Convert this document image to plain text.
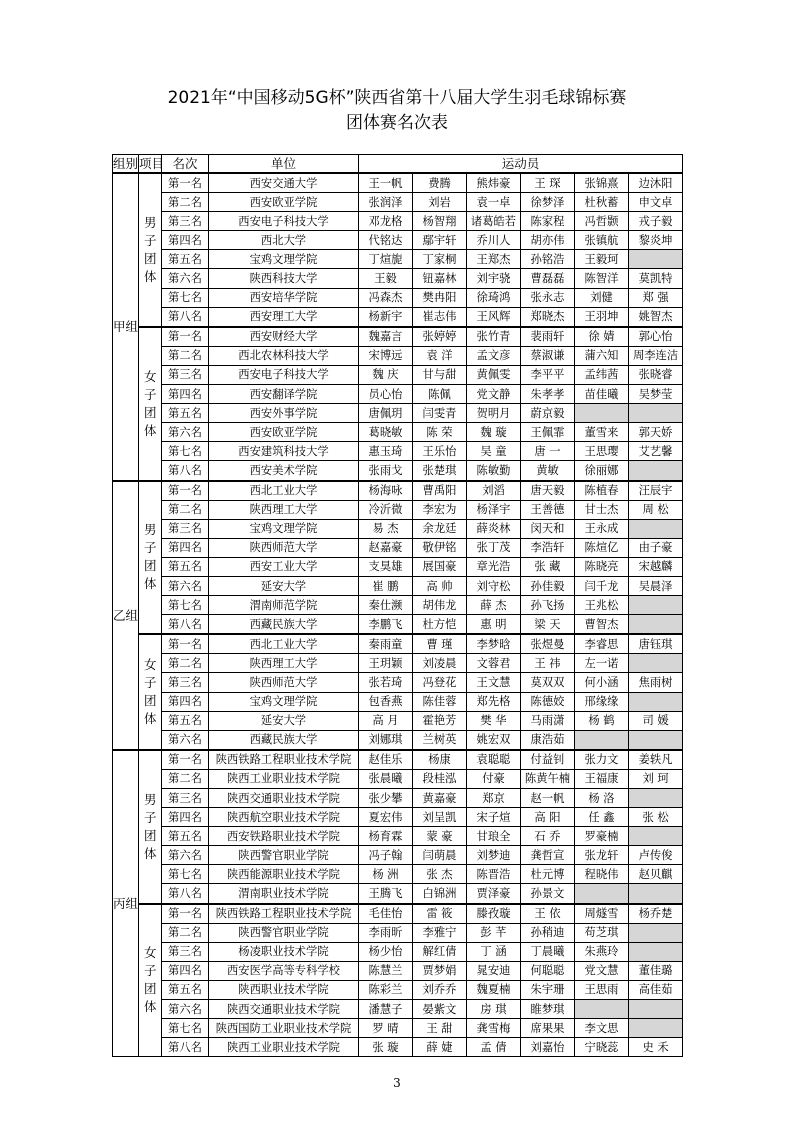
2021年“中国移动5G杯”陕西省第十八届大学生羽毛球锦标赛
团体赛名次表
组别	项目	名次	单位	运动员					
甲组	男子团体	第一名	西安交通大学	王一帆	费腾	熊炜豪	王 琛	张锦熹	边沐阳
		第二名	西安欧亚学院	张润泽	刘岩	袁一卓	徐梦泽	杜秋蓄	申文卓
		第三名	西安电子科技大学	邓龙格	杨智翔	诸葛皓若	陈家程	冯哲颢	戎子毅
		第四名	西北大学	代铭达	鄢宇轩	乔川人	胡亦伟	张镇航	黎炎坤
		第五名	宝鸡文理学院	丁煊旎	丁家桐	王郑杰	孙铭浩	王毅珂	
		第六名	陕西科技大学	王毅	钮嘉林	刘宇骁	曹磊磊	陈智洋	莫凯特
		第七名	西安培华学院	冯森杰	樊冉阳	徐琦鸿	张永志	刘健	郑 强
		第八名	西安理工大学	杨新宇	崔志伟	王风辉	郑晓杰	王羽坤	姚智杰
	女子团体	第一名	西安财经大学	魏嘉言	张婷婷	张竹青	裴雨轩	徐 婧	郭心怡
		第二名	西北农林科技大学	宋博远	袁 洋	孟文彦	蔡淑谦	蒲六知	周李连洁
		第三名	西安电子科技大学	魏 庆	甘与甜	黄佩雯	李平平	孟纬茜	张晓睿
		第四名	西安翻译学院	员心怡	陈佩	党文静	朱孝孝	苗佳曦	吴梦莹
		第五名	西安外事学院	唐佩玥	闫雯青	贺明月	蔚京毅		
		第六名	西安欧亚学院	葛晓敏	陈 荣	魏 璇	王佩霏	董雪来	郭天娇
		第七名	西安建筑科技大学	惠玉琦	王乐怡	吴 童	唐 一	王思璎	艾艺馨
		第八名	西安美术学院	张雨戈	张楚琪	陈敏勤	黄敏	徐丽娜	
乙组	男子团体	第一名	西北工业大学	杨海咏	曹禹阳	刘滔	唐天毅	陈植春	汪辰宇
		第二名	陕西理工大学	冷沂微	李宏为	杨泽宇	王善德	甘士杰	周 松
		第三名	宝鸡文理学院	易 杰	余龙廷	薛炎林	闵天和	王永成	
		第四名	陕西师范大学	赵嘉豪	敬伊铭	张丁茂	李浩轩	陈煊亿	由子豪
		第五名	西安工业大学	支狊雄	展国豪	章光浩	张 藏	陈晓亮	宋越麟
		第六名	延安大学	崔 鹏	高 帅	刘守松	孙佳毅	闫千龙	吴晨泽
		第七名	渭南师范学院	秦仕濒	胡伟龙	薛 杰	孙飞扬	王兆松	
		第八名	西藏民族大学	李鹏飞	杜方恺	惠 明	梁 天	曹智杰	
	女子团体	第一名	西北工业大学	秦雨童	曹 瑾	李梦晗	张煜曼	李睿思	唐钰琪
		第二名	陕西理工大学	王玥颖	刘凌晨	文蓉君	王 祎	左一诺	
		第三名	陕西师范大学	张若琦	冯登花	王文慧	莫双双	何小涵	焦雨树
		第四名	宝鸡文理学院	包香燕	陈佳蓉	郑先格	陈德姣	邢缘缘	
		第五名	延安大学	高 月	霍艳芳	樊 华	马雨潇	杨 鹤	司 媛
		第六名	西藏民族大学	刘娜琪	兰树英	姚宏双	康浩茹		
丙组	男子团体	第一名	陕西铁路工程职业技术学院	赵佳乐	杨康	袁聪聪	付益钊	张力文	姜轶凡
		第二名	陕西工业职业技术学院	张晨曦	段桂泓	付豪	陈黄午楠	王福康	刘 珂
		第三名	陕西交通职业技术学院	张少攀	黄嘉豪	郑京	赵一帆	杨 洛	
		第四名	陕西航空职业技术学院	夏宏伟	刘呈凯	宋子煊	高 阳	任 鑫	张 松
		第五名	西安铁路职业技术学院	杨育霖	蒙 豪	甘琅全	石 乔	罗豪楠	
		第六名	陕西警官职业学院	冯子翰	闫萌晨	刘梦迪	龚哲宣	张龙轩	卢传俊
		第七名	陕西能源职业技术学院	杨 洲	张 杰	陈晋浩	杜元博	程晓伟	赵贝麒
		第八名	渭南职业技术学院	王腾飞	白锦洲	贾泽豪	孙景文		
	女子团体	第一名	陕西铁路工程职业技术学院	毛佳怡	雷 筱	滕孜璇	王 依	周燧雪	杨乔楚
		第二名	陕西警官职业学院	李雨昕	李雅宁	彭 芊	孙稍迪	苟芝琪	
		第三名	杨凌职业技术学院	杨少怡	解红倩	丁 涵	丁晨曦	朱燕玲	
		第四名	西安医学高等专科学校	陈慧兰	贾梦娟	晁安迪	何聪聪	党文慧	董佳璐
		第五名	陕西职业技术学院	陈彩兰	刘乔乔	魏夏楠	朱宇珊	王思雨	高佳茹
		第六名	陕西交通职业技术学院	潘慧子	晏紫文	房 琪	睢梦琪		
		第七名	陕西国防工业职业技术学院	罗 晴	王 甜	龚雪梅	席果果	李文思	
		第八名	陕西工业职业技术学院	张 璇	薛 婕	孟 倩	刘嘉怡	宁晓蕊	史 禾
3
